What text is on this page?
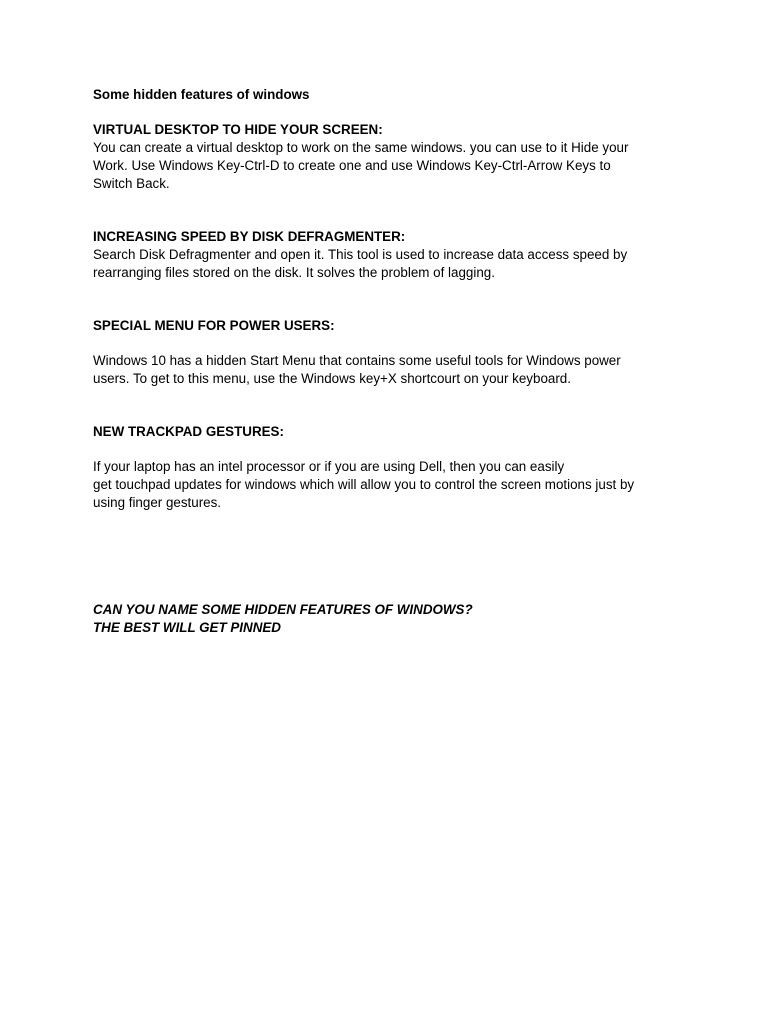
Some hidden features of windows

VIRTUAL DESKTOP TO HIDE YOUR SCREEN:

You can create a virtual desktop to work on the same windows. you can use to it Hide your

Work. Use Windows Key-Ctrl-D to create one and use Windows Key-Ctrl-Arrow Keys to

Switch Back.

INCREASING SPEED BY DISK DEFRAGMENTER:

Search Disk Defragmenter and open it. This tool is used to increase data access speed by

rearranging files stored on the disk. It solves the problem of lagging.

SPECIAL MENU FOR POWER USERS:

Windows 10 has a hidden Start Menu that contains some useful tools for Windows power

users. To get to this menu, use the Windows key+X shortcourt on your keyboard.

NEW TRACKPAD GESTURES:

If your laptop has an intel processor or if you are using Dell, then you can easily

get touchpad updates for windows which will allow you to control the screen motions just by

using finger gestures.

CAN YOU NAME SOME HIDDEN FEATURES OF WINDOWS?

THE BEST WILL GET PINNED
